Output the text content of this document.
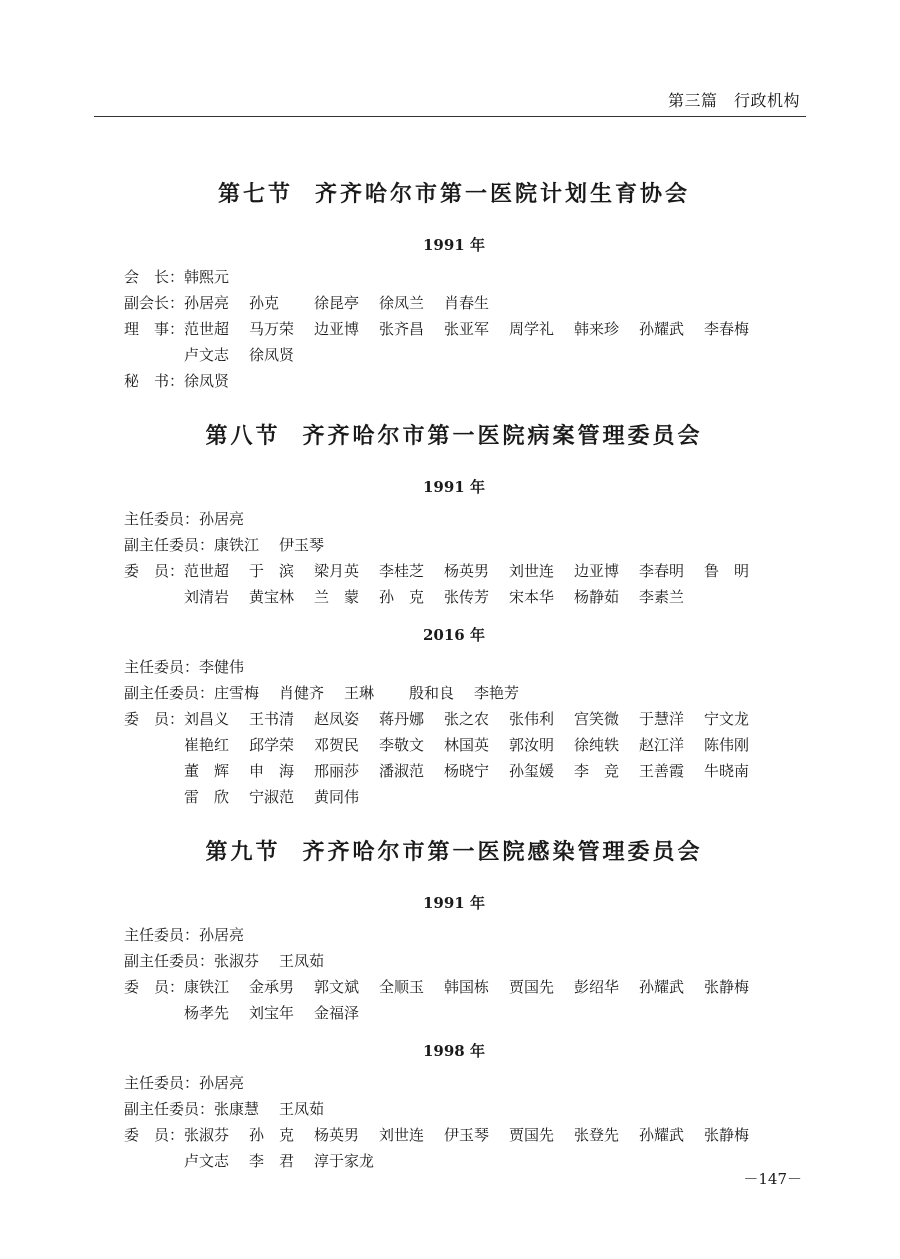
第三篇　行政机构
第七节 齐齐哈尔市第一医院计划生育协会
1991 年
会　长： 韩熙元
副会长： 孙居亮 孙克	徐昆亭 徐凤兰 肖春生
理　事： 范世超 马万荣 边亚博 张齐昌 张亚军 周学礼 韩来珍 孙耀武 李春梅
卢文志 徐凤贤
秘　书： 徐凤贤
第八节 齐齐哈尔市第一医院病案管理委员会
1991 年
主任委员： 孙居亮
副主任委员： 康铁江 伊玉琴
委　员： 范世超 于　滨 梁月英 李桂芝 杨英男 刘世连 边亚博 李春明 鲁　明
刘清岩 黄宝林 兰　蒙 孙　克 张传芳 宋本华 杨静茹 李素兰
2016 年
主任委员： 李健伟
副主任委员： 庄雪梅 肖健齐 王琳	殷和良 李艳芳
委　员： 刘昌义 王书清 赵凤姿 蒋丹娜 张之农 张伟利 宫笑微 于慧洋 宁文龙
崔艳红 邱学荣 邓贺民 李敬文 林国英 郭汝明 徐纯轶 赵江洋 陈伟刚
董　辉 申　海 邢丽莎 潘淑范 杨晓宁 孙玺媛 李　竞 王善霞 牛晓南
雷　欣 宁淑范 黄同伟
第九节 齐齐哈尔市第一医院感染管理委员会
1991 年
主任委员： 孙居亮
副主任委员： 张淑芬 王凤茹
委　员： 康铁江 金承男 郭文斌 全顺玉 韩国栋 贾国先 彭绍华 孙耀武 张静梅
杨孝先 刘宝年 金福泽
1998 年
主任委员： 孙居亮
副主任委员： 张康慧 王凤茹
委　员： 张淑芬 孙　克 杨英男 刘世连 伊玉琴 贾国先 张登先 孙耀武 张静梅
卢文志 李　君 淳于家龙
－147－
